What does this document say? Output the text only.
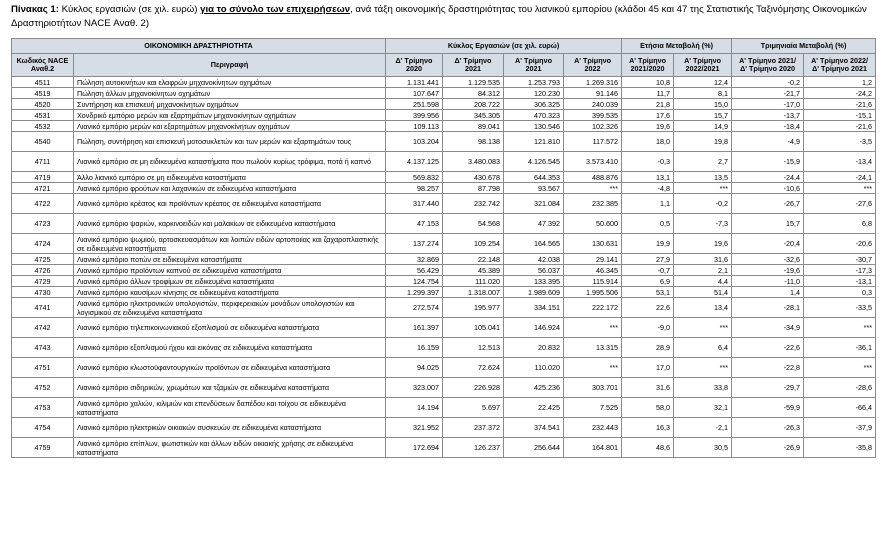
Πίνακας 1: Κύκλος εργασιών (σε χιλ. ευρώ) για το σύνολο των επιχειρήσεων, ανά τάξη οικονομικής δραστηριότητας του λιανικού εμπορίου (κλάδοι 45 και 47 της Στατιστικής Ταξινόμησης Οικονομικών Δραστηριοτήτων NACE Αναθ. 2)
ΟΙΚΟΝΟΜΙΚΗ ΔΡΑΣΤΗΡΙΟΤΗΤΑ		Κύκλος Εργασιών (σε χιλ. ευρώ)				Ετήσια Μεταβολή (%)		Τριμηνιαία Μεταβολή (%)	
Κωδικός NACE Αναθ.2	Περιγραφή	Δ' Τρίμηνο 2020	Δ' Τρίμηνο 2021	Α' Τρίμηνο 2021	Α' Τρίμηνο 2022	Α' Τρίμηνο 2021/2020	Α' Τρίμηνο 2022/2021	Α' Τρίμηνο 2021/ Δ' Τρίμηνο 2020	Α' Τρίμηνο 2022/ Δ' Τρίμηνο 2021
4511	Πώληση αυτοκινήτων και ελαφρών μηχανοκίνητων οχημάτων	1.131.441	1.129.535	1.253.793	1.269.316	10,8	12,4	-0,2	1,2
4519	Πώληση άλλων μηχανοκίνητων οχημάτων	107.647	84.312	120.230	91.146	11,7	8,1	-21,7	-24,2
4520	Συντήρηση και επισκευή μηχανοκίνητων οχημάτων	251.598	208.722	306.325	240.039	21,8	15,0	-17,0	-21,6
4531	Χονδρικό εμπόριο μερών και εξαρτημάτων μηχανοκίνητων οχημάτων	399.956	345.305	470.323	399.535	17,6	15,7	-13,7	-15,1
4532	Λιανικό εμπόριο μερών και εξαρτημάτων μηχανοκίνητων οχημάτων	109.113	89.041	130.546	102.326	19,6	14,9	-18,4	-21,6
4540	Πώληση, συντήρηση και επισκευή μοτοσυκλετών και των μερών και εξαρτημάτων τους	103.204	98.138	121.810	117.572	18,0	19,8	-4,9	-3,5
4711	Λιανικό εμπόριο σε μη ειδικευμένα καταστήματα που πωλούν κυρίως τρόφιμα, ποτά ή καπνό	4.137.125	3.480.083	4.126.545	3.573.410	-0,3	2,7	-15,9	-13,4
4719	Άλλο λιανικό εμπόριο σε μη ειδικευμένα καταστήματα	569.832	430.678	644.353	488.876	13,1	13,5	-24,4	-24,1
4721	Λιανικό εμπόριο φρούτων και λαχανικών σε ειδικευμένα καταστήματα	98.257	87.798	93.567	***	-4,8	***	-10,6	***
4722	Λιανικό εμπόριο κρέατος και προϊόντων κρέατος σε ειδικευμένα καταστήματα	317.440	232.742	321.084	232.385	1,1	-0,2	-26,7	-27,6
4723	Λιανικό εμπόριο ψαριών, καρκινοειδών και μαλακίων σε ειδικευμένα καταστήματα	47.153	54.568	47.392	50.600	0,5	-7,3	15,7	6,8
4724	Λιανικό εμπόριο ψωμιού, αρτοσκευασμάτων και λοιπών ειδών αρτοποιίας και ζαχαροπλαστικής σε ειδικευμένα καταστήματα	137.274	109.254	164.565	130.631	19,9	19,6	-20,4	-20,6
4725	Λιανικό εμπόριο ποτών σε ειδικευμένα καταστήματα	32.869	22.148	42.038	29.141	27,9	31,6	-32,6	-30,7
4726	Λιανικό εμπόριο προϊόντων καπνού σε ειδικευμένα καταστήματα	56.429	45.389	56.037	46.345	-0,7	2,1	-19,6	-17,3
4729	Λιανικό εμπόριο άλλων τροφίμων σε ειδικευμένα καταστήματα	124.754	111.020	133.395	115.914	6,9	4,4	-11,0	-13,1
4730	Λιανικό εμπόριο καυσίμων κίνησης σε ειδικευμένα καταστήματα	1.299.397	1.318.007	1.989.609	1.995.506	53,1	51,4	1,4	0,3
4741	Λιανικό εμπόριο ηλεκτρονικών υπολογιστών, περιφερειακών μονάδων υπολογιστών και λογισμικού σε ειδικευμένα καταστήματα	272.574	195.977	334.151	222.172	22,6	13,4	-28,1	-33,5
4742	Λιανικό εμπόριο τηλεπικοινωνιακού εξοπλισμού σε ειδικευμένα καταστήματα	161.397	105.041	146.924	***	-9,0	***	-34,9	***
4743	Λιανικό εμπόριο εξοπλισμού ήχου και εικόνας σε ειδικευμένα καταστήματα	16.159	12.513	20.832	13.315	28,9	6,4	-22,6	-36,1
4751	Λιανικό εμπόριο κλωστοϋφαντουργικών προϊόντων σε ειδικευμένα καταστήματα	94.025	72.624	110.020	***	17,0	***	-22,8	***
4752	Λιανικό εμπόριο σιδηρικών, χρωμάτων και τζαμιών σε ειδικευμένα καταστήματα	323.007	226.928	425.236	303.701	31,6	33,8	-29,7	-28,6
4753	Λιανικό εμπόριο χαλιών, κιλιμιών και επενδύσεων δαπέδου και τοίχου σε ειδικευμένα καταστήματα	14.194	5.697	22.425	7.525	58,0	32,1	-59,9	-66,4
4754	Λιανικό εμπόριο ηλεκτρικών οικιακών συσκευών σε ειδικευμένα καταστήματα	321.952	237.372	374.541	232.443	16,3	-2,1	-26,3	-37,9
4759	Λιανικό εμπόριο επίπλων, φωτιστικών και άλλων ειδών οικιακής χρήσης σε ειδικευμένα καταστήματα	172.694	126.237	256.644	164.801	48,6	30,5	-26,9	-35,8
